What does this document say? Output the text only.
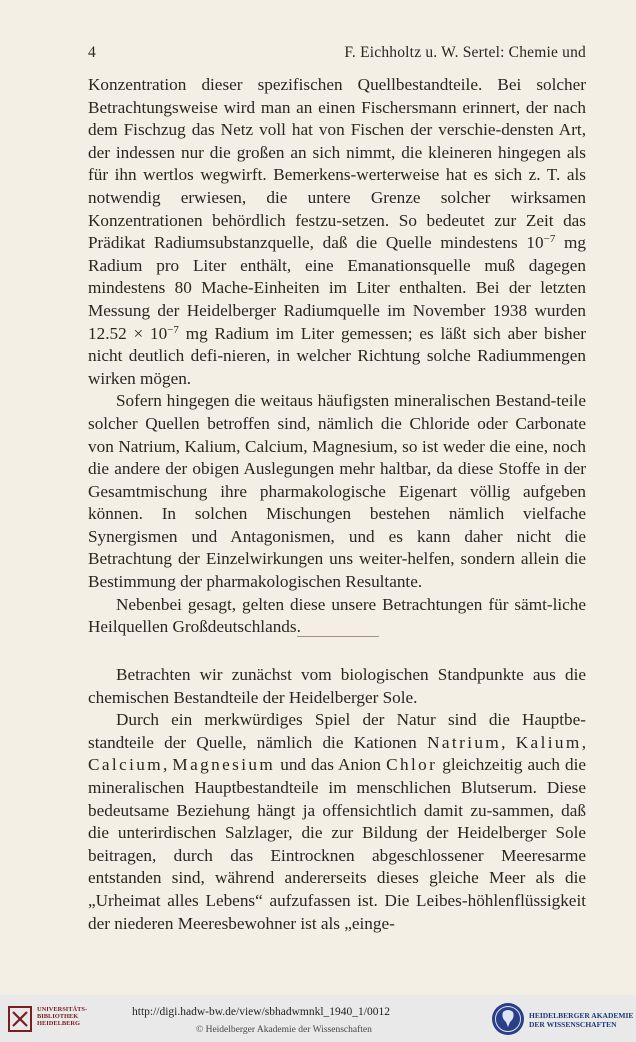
4	F. Eichholtz u. W. Sertel: Chemie und

Konzentration dieser spezifischen Quellbestandteile. Bei solcher Betrachtungsweise wird man an einen Fischersmann erinnert, der nach dem Fischzug das Netz voll hat von Fischen der verschie-densten Art, der indessen nur die großen an sich nimmt, die kleineren hingegen als für ihn wertlos wegwirft. Bemerkens-werterweise hat es sich z. T. als notwendig erwiesen, die untere Grenze solcher wirksamen Konzentrationen behördlich festzu-setzen. So bedeutet zur Zeit das Prädikat Radiumsubstanzquelle, daß die Quelle mindestens $10^{-7}$ mg Radium pro Liter enthält, eine Emanationsquelle muß dagegen mindestens 80 Mache-Einheiten im Liter enthalten. Bei der letzten Messung der Heidelberger Radiumquelle im November 1938 wurden $12.52 \times 10^{-7}$ mg Radium im Liter gemessen; es läßt sich aber bisher nicht deutlich defi-nieren, in welcher Richtung solche Radiummengen wirken mögen.

Sofern hingegen die weitaus häufigsten mineralischen Bestand-teile solcher Quellen betroffen sind, nämlich die Chloride oder Carbonate von Natrium, Kalium, Calcium, Magnesium, so ist weder die eine, noch die andere der obigen Auslegungen mehr haltbar, da diese Stoffe in der Gesamtmischung ihre pharmakologische Eigenart völlig aufgeben können. In solchen Mischungen bestehen nämlich vielfache Synergismen und Antagonismen, und es kann daher nicht die Betrachtung der Einzelwirkungen uns weiter-helfen, sondern allein die Bestimmung der pharmakologischen Resultante.

Nebenbei gesagt, gelten diese unsere Betrachtungen für sämt-liche Heilquellen Großdeutschlands.

Betrachten wir zunächst vom biologischen Standpunkte aus die chemischen Bestandteile der Heidelberger Sole.

Durch ein merkwürdiges Spiel der Natur sind die Hauptbe-standteile der Quelle, nämlich die Kationen Natrium, Kalium, Calcium, Magnesium und das Anion Chlor gleichzeitig auch die mineralischen Hauptbestandteile im menschlichen Blutserum. Diese bedeutsame Beziehung hängt ja offensichtlich damit zu-sammen, daß die unterirdischen Salzlager, die zur Bildung der Heidelberger Sole beitragen, durch das Eintrocknen abgeschlossener Meeresarme entstanden sind, während andererseits dieses gleiche Meer als die „Urheimat alles Lebens“ aufzufassen ist. Die Leibes-höhlenflüssigkeit der niederen Meeresbewohner ist als „einge-

UNIVERSITÄTS-
BIBLIOTHEK
HEIDELBERG
http://digi.hadw-bw.de/view/sbhadwmnkl_1940_1/0012
© Heidelberger Akademie der Wissenschaften
HEIDELBERGER AKADEMIE
DER WISSENSCHAFTEN
